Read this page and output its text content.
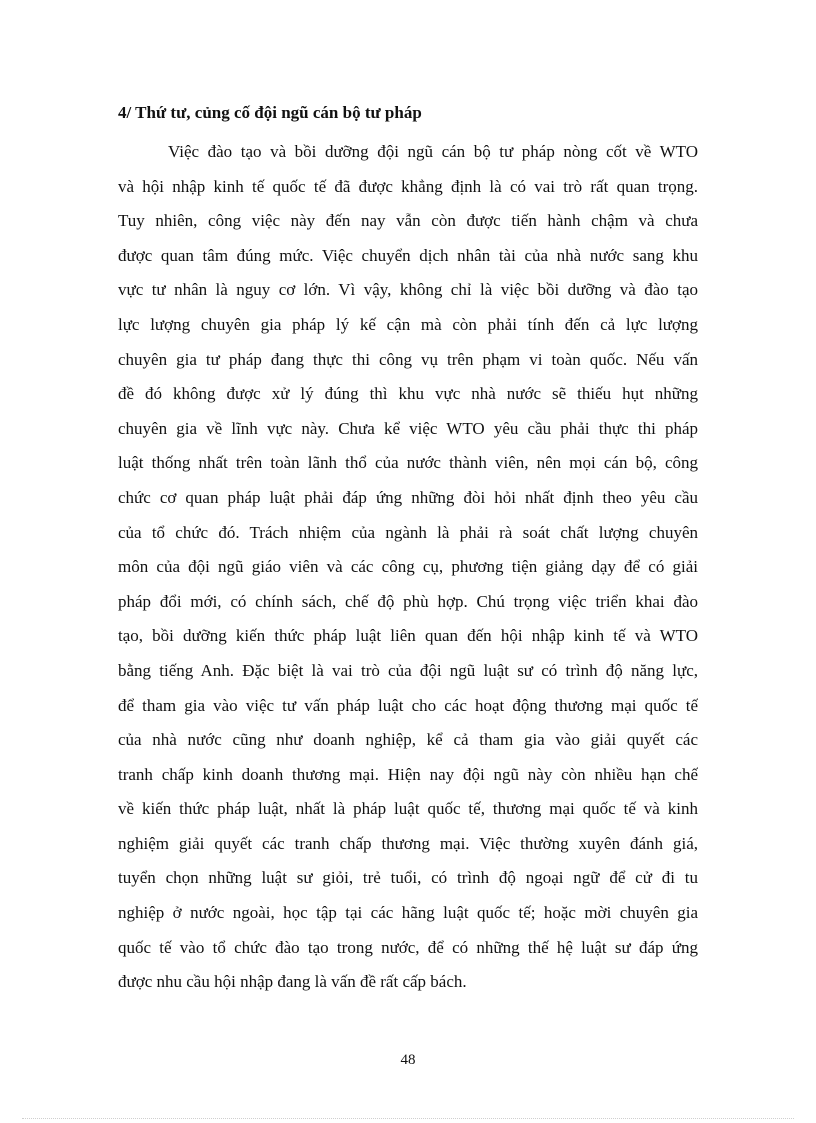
4/ Thứ tư, củng cố đội ngũ cán bộ tư pháp
Việc đào tạo và bồi dưỡng đội ngũ cán bộ tư pháp nòng cốt về WTO
và hội nhập kinh tế quốc tế đã được khẳng định là có vai trò rất quan trọng.
Tuy nhiên, công việc này đến nay vẫn còn được tiến hành chậm và chưa
được quan tâm đúng mức. Việc chuyển dịch nhân tài của nhà nước sang khu
vực tư nhân là nguy cơ lớn. Vì vậy, không chỉ là việc bồi dưỡng và đào tạo
lực lượng chuyên gia pháp lý kế cận mà còn phải tính đến cả lực lượng
chuyên gia tư pháp đang thực thi công vụ trên phạm vi toàn quốc. Nếu vấn
đề đó không được xử lý đúng thì khu vực nhà nước sẽ thiếu hụt những
chuyên gia về lĩnh vực này. Chưa kể việc WTO yêu cầu phải thực thi pháp
luật thống nhất trên toàn lãnh thổ của nước thành viên, nên mọi cán bộ, công
chức cơ quan pháp luật phải đáp ứng những đòi hỏi nhất định theo yêu cầu
của tổ chức đó. Trách nhiệm của ngành là phải rà soát chất lượng chuyên
môn của đội ngũ giáo viên và các công cụ, phương tiện giảng dạy để có giải
pháp đổi mới, có chính sách, chế độ phù hợp. Chú trọng việc triển khai đào
tạo, bồi dưỡng kiến thức pháp luật liên quan đến hội nhập kinh tế và WTO
bằng tiếng Anh. Đặc biệt là vai trò của đội ngũ luật sư có trình độ năng lực,
để tham gia vào việc tư vấn pháp luật cho các hoạt động thương mại quốc tế
của nhà nước cũng như doanh nghiệp, kể cả tham gia vào giải quyết các
tranh chấp kinh doanh thương mại. Hiện nay đội ngũ này còn nhiều hạn chế
về kiến thức pháp luật, nhất là pháp luật quốc tế, thương mại quốc tế và kinh
nghiệm giải quyết các tranh chấp thương mại. Việc thường xuyên đánh giá,
tuyển chọn những luật sư giỏi, trẻ tuổi, có trình độ ngoại ngữ để cử đi tu
nghiệp ở nước ngoài, học tập tại các hãng luật quốc tế; hoặc mời chuyên gia
quốc tế vào tổ chức đào tạo trong nước, để có những thế hệ luật sư đáp ứng
được nhu cầu hội nhập đang là vấn đề rất cấp bách.
48
